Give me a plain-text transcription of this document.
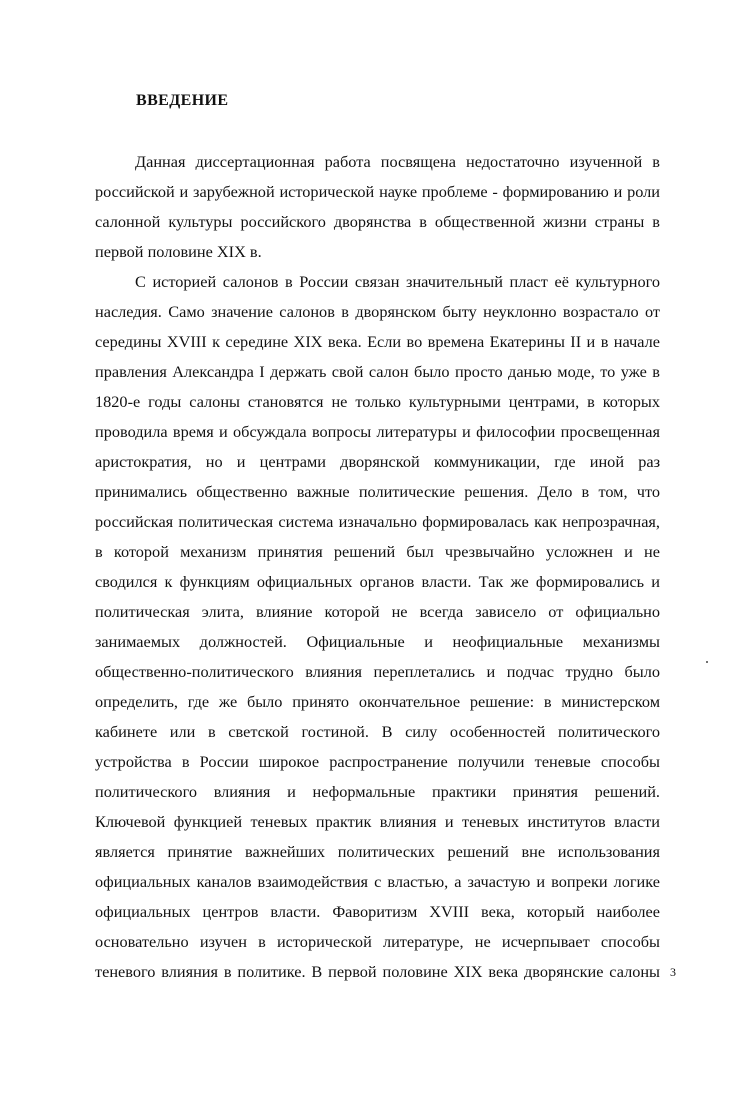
ВВЕДЕНИЕ

Данная диссертационная работа посвящена недостаточно изученной в

российской и зарубежной исторической науке проблеме - формированию и роли

салонной культуры российского дворянства в общественной жизни страны в

первой половине XIX в.

С историей салонов в России связан значительный пласт её культурного

наследия. Само значение салонов в дворянском быту неуклонно возрастало от

середины XVIII к середине XIX века. Если во времена Екатерины II и в начале

правления Александра I держать свой салон было просто данью моде, то уже в

1820-е годы салоны становятся не только культурными центрами, в которых

проводила время и обсуждала вопросы литературы и философии просвещенная

аристократия, но и центрами дворянской коммуникации, где иной раз

принимались общественно важные политические решения. Дело в том, что

российская политическая система изначально формировалась как непрозрачная,

в которой механизм принятия решений был чрезвычайно усложнен и не

сводился к функциям официальных органов власти. Так же формировались и

политическая элита, влияние которой не всегда зависело от официально

занимаемых должностей. Официальные и неофициальные механизмы

общественно-политического влияния переплетались и подчас трудно было

определить, где же было принято окончательное решение: в министерском

кабинете или в светской гостиной. В силу особенностей политического

устройства в России широкое распространение получили теневые способы

политического влияния и неформальные практики принятия решений.

Ключевой функцией теневых практик влияния и теневых институтов власти

является принятие важнейших политических решений вне использования

официальных каналов взаимодействия с властью, а зачастую и вопреки логике

официальных центров власти. Фаворитизм XVIII века, который наиболее

основательно изучен в исторической литературе, не исчерпывает способы

теневого влияния в политике. В первой половине XIX века дворянские салоны 3
